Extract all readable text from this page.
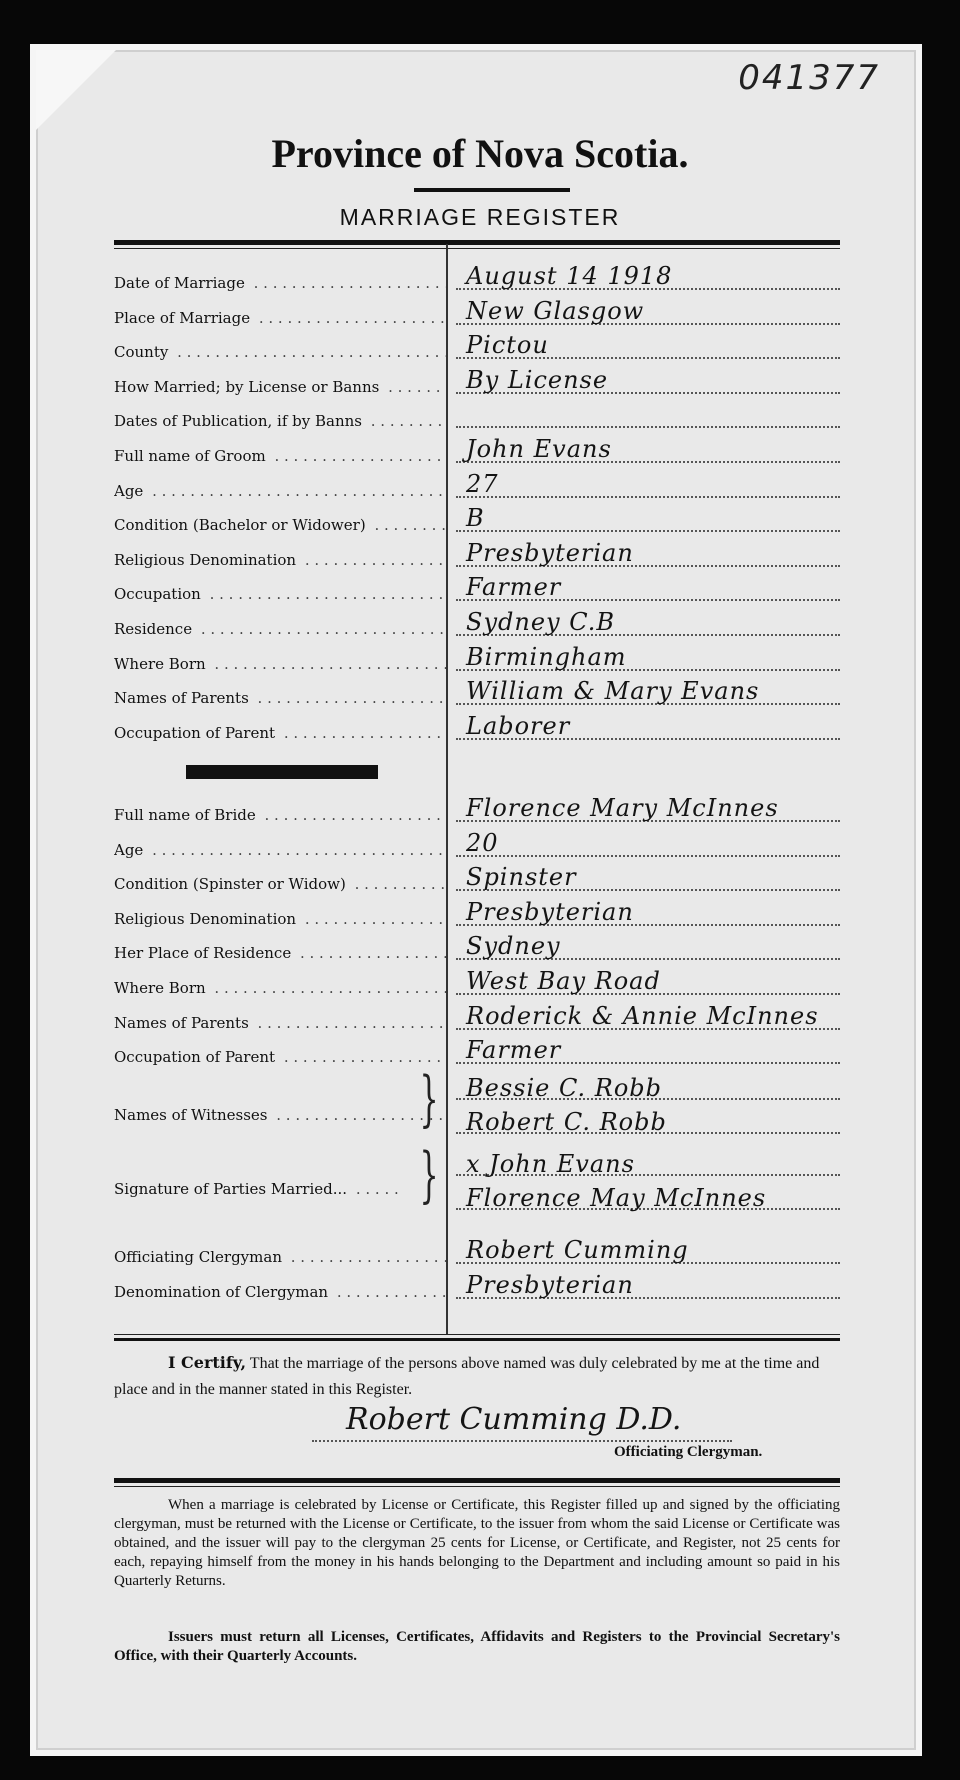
041377
Province of Nova Scotia.
MARRIAGE REGISTER
Date of Marriage . . .	August 14 1918
Place of Marriage . . .	New Glasgow
County . . .	Pictou
How Married; by License or Banns . . .	By License
Dates of Publication, if by Banns . . .
Full name of Groom . . .	John Evans
Age . . .	27
Condition (Bachelor or Widower) . . .	B
Religious Denomination . . .	Presbyterian
Occupation . . .	Farmer
Residence . . .	Sydney C.B
Where Born . . .	Birmingham
Names of Parents . . .	William & Mary Evans
Occupation of Parent . . .	Laborer
Full name of Bride . . .	Florence Mary McInnes
Age . . .	20
Condition (Spinster or Widow) . . .	Spinster
Religious Denomination . . .	Presbyterian
Her Place of Residence . . .	Sydney
Where Born . . .	West Bay Road
Names of Parents . . .	Roderick & Annie McInnes
Occupation of Parent . . .	Farmer
Names of Witnesses . . .
Bessie C. Robb
Robert C. Robb
}
Signature of Parties Married... . . .
x John Evans
Florence May McInnes
}
Officiating Clergyman . . .	Robert Cumming
Denomination of Clergyman . . .	Presbyterian
I Certify, That the marriage of the persons above named was duly celebrated by me at the time and place and in the manner stated in this Register.
Robert Cumming D.D.
Officiating Clergyman.
When a marriage is celebrated by License or Certificate, this Register filled up and signed by the officiating clergyman, must be returned with the License or Certificate, to the issuer from whom the said License or Certificate was obtained, and the issuer will pay to the clergyman 25 cents for License, or Certificate, and Register, not 25 cents for each, repaying himself from the money in his hands belonging to the Department and including amount so paid in his Quarterly Returns.
Issuers must return all Licenses, Certificates, Affidavits and Registers to the Provincial Secretary's Office, with their Quarterly Accounts.
